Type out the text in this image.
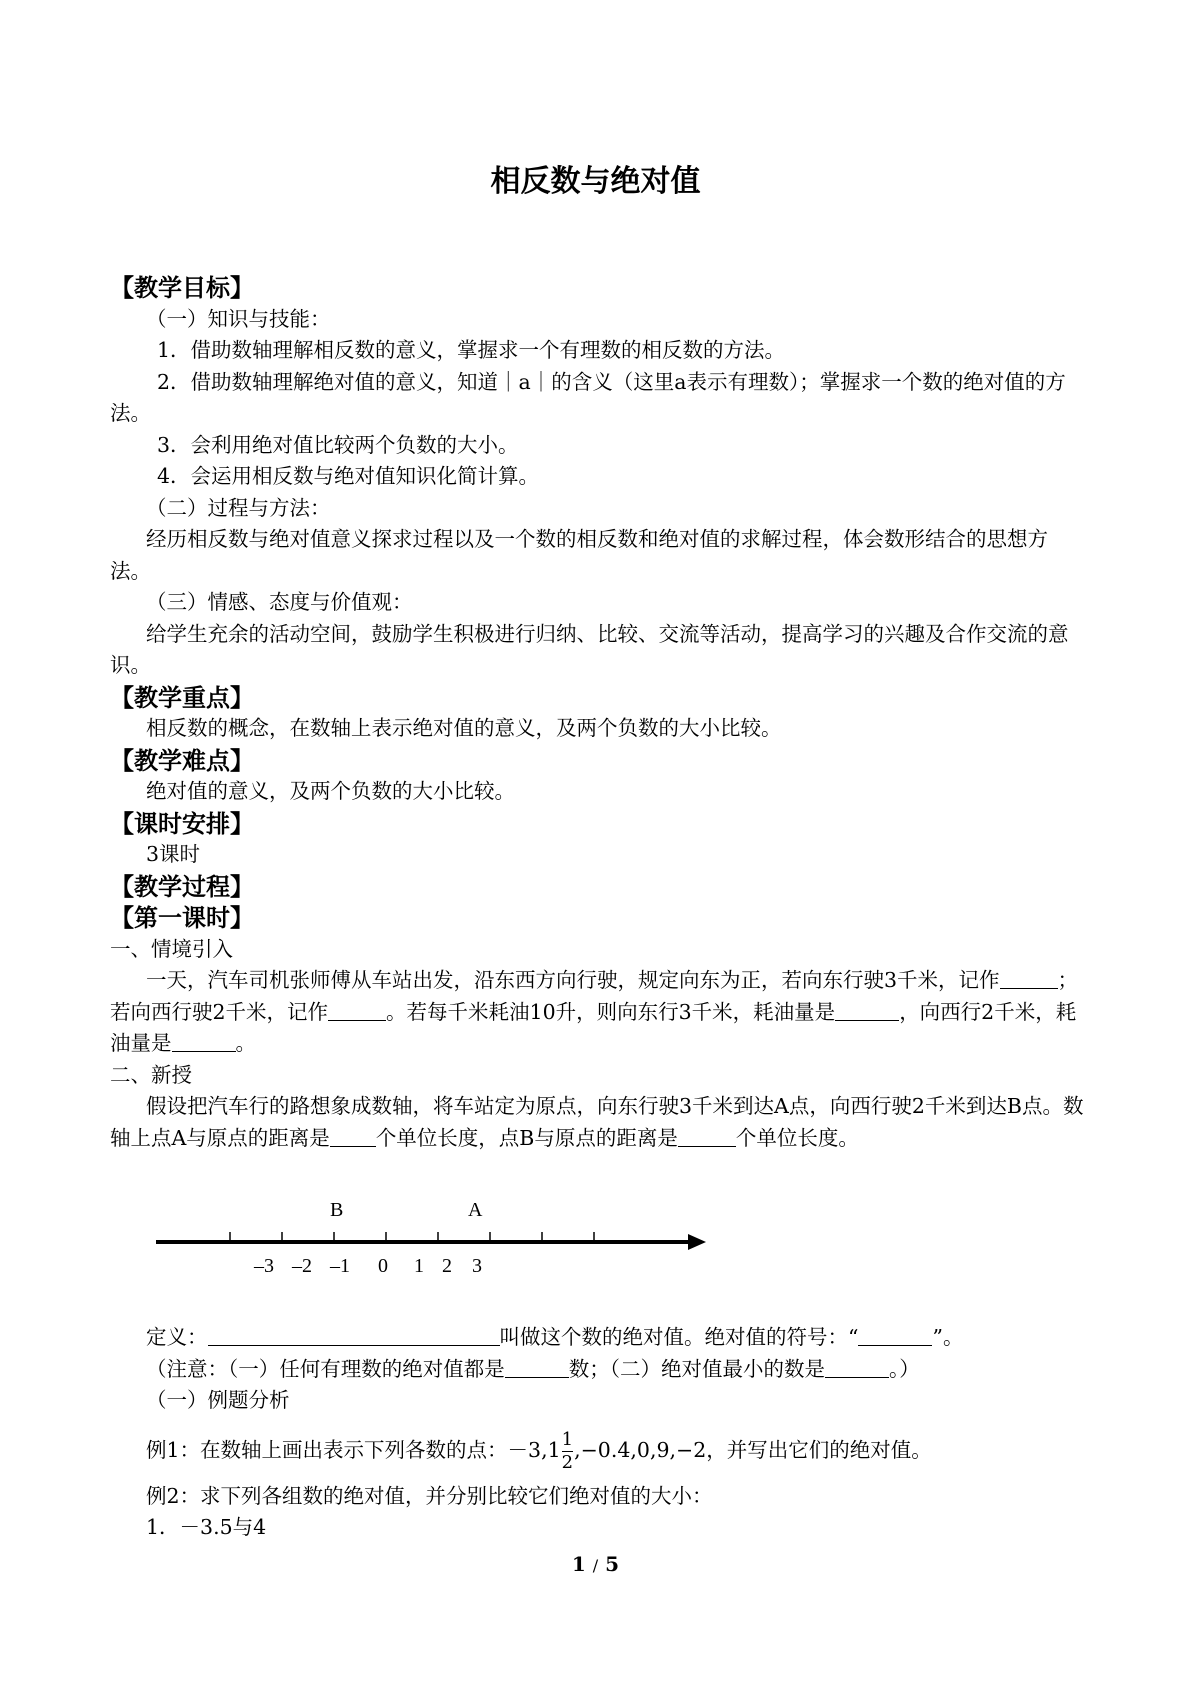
相反数与绝对值

【教学目标】

（一）知识与技能：

1．借助数轴理解相反数的意义，掌握求一个有理数的相反数的方法。

2．借助数轴理解绝对值的意义，知道｜a｜的含义（这里a表示有理数）；掌握求一个数的绝对值的方法。

3．会利用绝对值比较两个负数的大小。

4．会运用相反数与绝对值知识化简计算。

（二）过程与方法：

经历相反数与绝对值意义探求过程以及一个数的相反数和绝对值的求解过程，体会数形结合的思想方法。

（三）情感、态度与价值观：

给学生充余的活动空间，鼓励学生积极进行归纳、比较、交流等活动，提高学习的兴趣及合作交流的意识。

【教学重点】

相反数的概念，在数轴上表示绝对值的意义，及两个负数的大小比较。

【教学难点】

绝对值的意义，及两个负数的大小比较。

【课时安排】

3课时

【教学过程】

【第一课时】

一、情境引入

一天，汽车司机张师傅从车站出发，沿东西方向行驶，规定向东为正，若向东行驶3千米，记作	；若向西行驶2千米，记作	。若每千米耗油10升，则向东行3千米，耗油量是	，向西行2千米，耗油量是	。

二、新授

假设把汽车行的路想象成数轴，将车站定为原点，向东行驶3千米到达A点，向西行驶2千米到达B点。数轴上点A与原点的距离是 个单位长度，点B与原点的距离是	个单位长度。

B	A
–3 –2 –1 0 1 2 3

定义：	叫做这个数的绝对值。绝对值的符号：“	”。

（注意：（一）任何有理数的绝对值都是	数；（二）绝对值最小的数是	。）

（一）例题分析

例1：在数轴上画出表示下列各数的点：$-3,1 \frac{1}{2} ,-0.4,0,9,-2$，并写出它们的绝对值。

例2：求下列各组数的绝对值，并分别比较它们绝对值的大小：

1．－3.5与4

1 / 5
